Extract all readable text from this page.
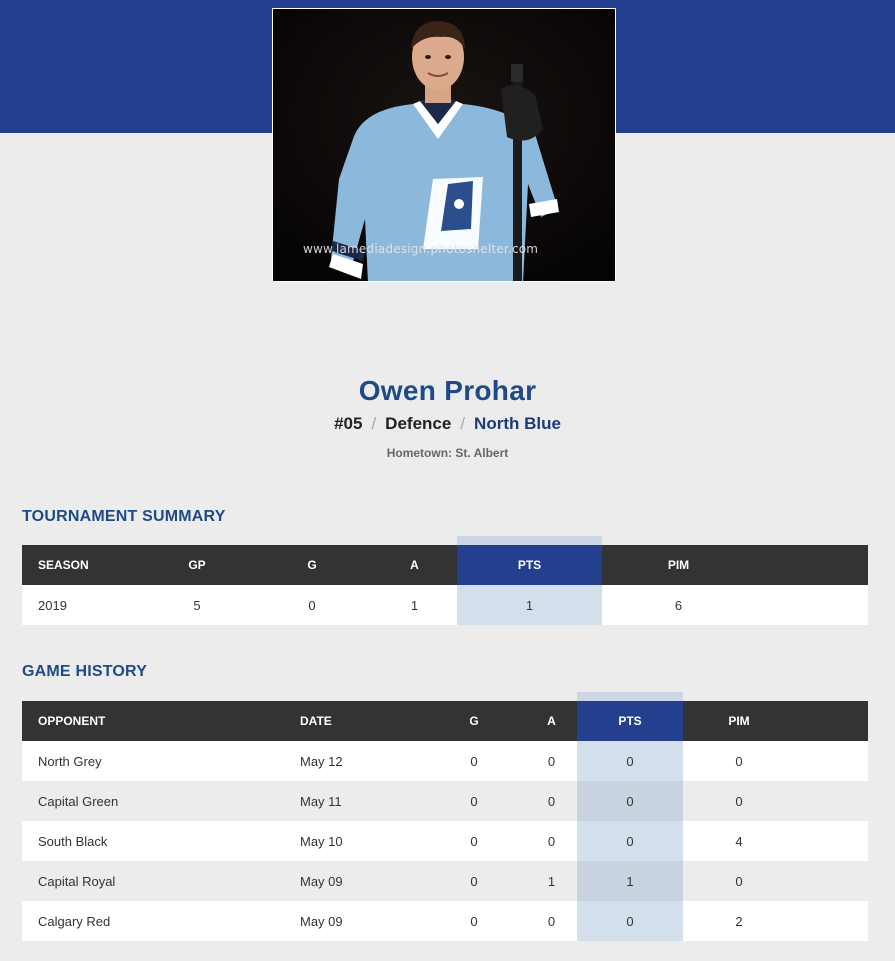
www.lamediadesign.photoshelter.com
Owen Prohar
#05 / Defence / North Blue
Hometown: St. Albert
TOURNAMENT SUMMARY
SEASON	GP	G	A	PTS	PIM	
2019	5	0	1	1	6	
GAME HISTORY
OPPONENT	DATE	G	A	PTS	PIM	
North Grey	May 12	0	0	0	0	
Capital Green	May 11	0	0	0	0	
South Black	May 10	0	0	0	4	
Capital Royal	May 09	0	1	1	0	
Calgary Red	May 09	0	0	0	2	
